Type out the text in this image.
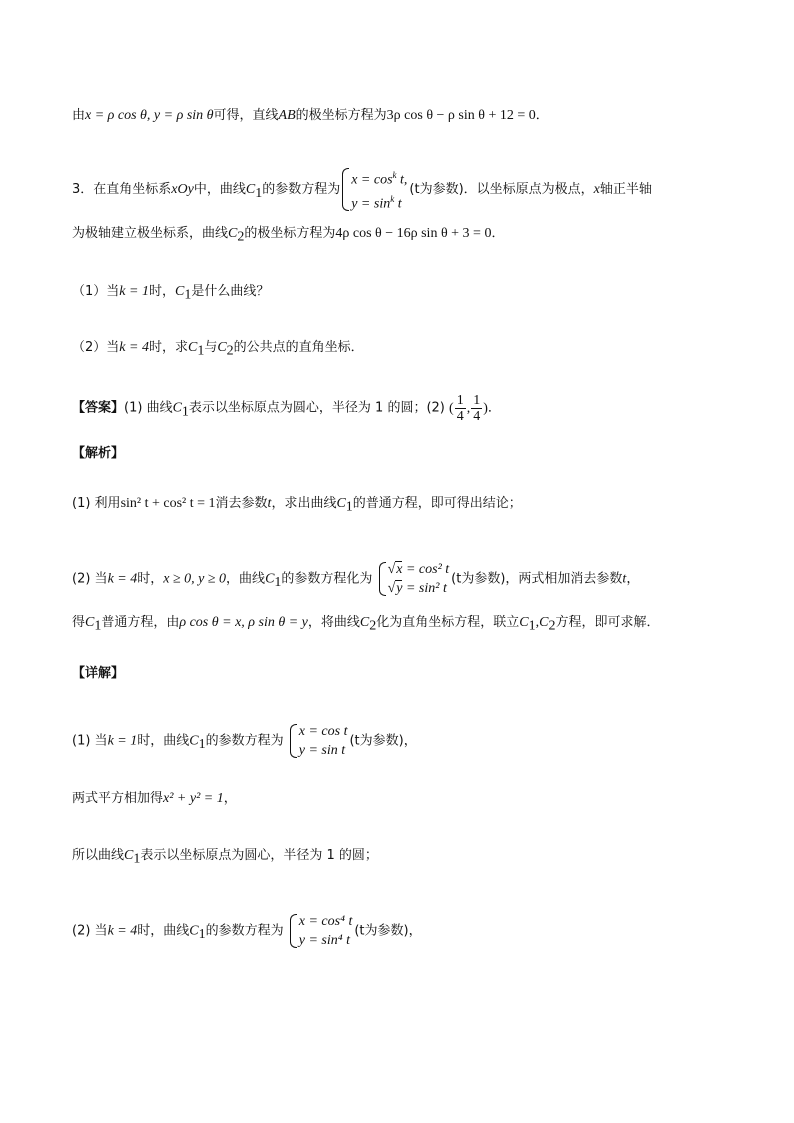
由x = ρ cos θ, y = ρ sin θ可得，直线AB的极坐标方程为3ρ cos θ − ρ sin θ + 12 = 0．
3．在直角坐标系xOy中，曲线$C_1$的参数方程为
$x = \cos^k t$,
$y = \sin^k t$
(t为参数)．以坐标原点为极点，x轴正半轴
为极轴建立极坐标系，曲线$C_2$的极坐标方程为4ρ cos θ − 16ρ sin θ + 3 = 0．
（1）当k = 1时，$C_1$是什么曲线？
（2）当k = 4时，求$C_1$与$C_2$的公共点的直角坐标．
【答案】(1) 曲线$C_1$表示以坐标原点为圆心，半径为 1 的圆；(2) ( $\frac{1}{4}$ , $\frac{1}{4}$ )．
【解析】
(1) 利用sin² t + cos² t = 1消去参数t，求出曲线$C_1$的普通方程，即可得出结论；
(2) 当k = 4时，x ≥ 0, y ≥ 0，曲线$C_1$的参数方程化为
√x = cos² t
√y = sin² t
(t为参数)，两式相加消去参数t，
得$C_1$普通方程，由ρ cos θ = x, ρ sin θ = y，将曲线$C_2$化为直角坐标方程，联立$C_1,C_2$方程，即可求解．
【详解】
(1) 当k = 1时，曲线$C_1$的参数方程为
x = cos t
y = sin t
(t为参数)，
两式平方相加得x² + y² = 1，
所以曲线$C_1$表示以坐标原点为圆心，半径为 1 的圆；
(2) 当k = 4时，曲线$C_1$的参数方程为
x = cos⁴ t
y = sin⁴ t
(t为参数)，
